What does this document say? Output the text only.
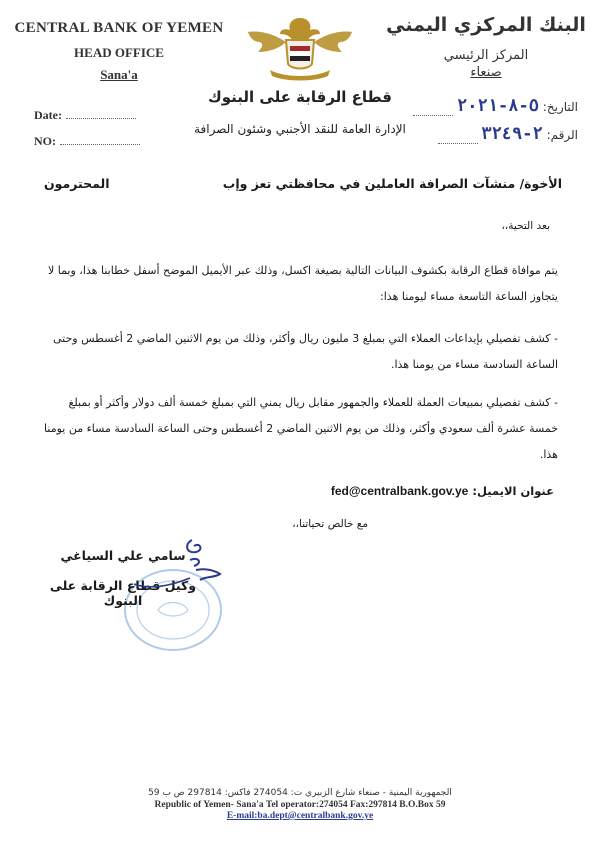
CENTRAL BANK OF YEMEN
HEAD OFFICE
Sana'a
Date:
NO:
البنك المركزي اليمني
المركز الرئيسي
صنعاء
التاريخ: ٥-٨-٢٠٢١
الرقم: ٢-٣٢٤٩
قطاع الرقابة على البنوك
الإدارة العامة للنقد الأجنبي وشئون الصرافة
الأخوة/ منشآت الصرافة العاملين في محافظتي تعز وإب
المحترمون
بعد التحية،،
يتم موافاة قطاع الرقابة بكشوف البيانات التالية بصيغة اكسل، وذلك عبر الأيميل الموضح أسفل خطابنا هذا، وبما لا يتجاوز الساعة التاسعة مساء ليومنا هذا:
- كشف تفصيلي بإيداعات العملاء التي بمبلغ 3 مليون ريال وأكثر، وذلك من يوم الاثنين الماضي 2 أغسطس وحتى الساعة السادسة مساء من يومنا هذا.
- كشف تفصيلي بمبيعات العملة للعملاء والجمهور مقابل ريال يمني التي بمبلغ خمسة ألف دولار وأكثر أو بمبلغ خمسة عشرة ألف سعودي وأكثر، وذلك من يوم الاثنين الماضي 2 أغسطس وحتى الساعة السادسة مساء من يومنا هذا.
عنوان الايميل: fed@centralbank.gov.ye
مع خالص تحياتنا،،
سامي علي السياغي
وكيل قطاع الرقابة على البنوك
الجمهورية اليمنية - صنعاء شارع الزبيري ت: 274054 فاكس: 297814 ص ب 59
Republic of Yemen- Sana'a Tel operator:274054 Fax:297814 B.O.Box 59
E-mail:ba.dept@centralbank.gov.ye
